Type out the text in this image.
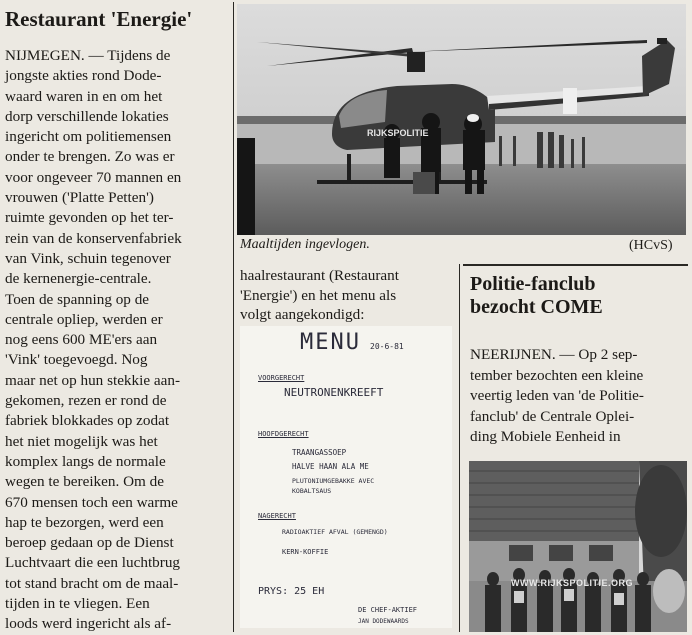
Restaurant 'Energie'
NIJMEGEN. — Tijdens de
jongste akties rond Dode-
waard waren in en om het
dorp verschillende lokaties
ingericht om politiemensen
onder te brengen. Zo was er
voor ongeveer 70 mannen en
vrouwen ('Platte Petten')
ruimte gevonden op het ter-
rein van de konservenfabriek
van Vink, schuin tegenover
de kernenergie-centrale.
Toen de spanning op de
centrale opliep, werden er
nog eens 600 ME'ers aan
'Vink' toegevoegd. Nog
maar net op hun stekkie aan-
gekomen, rezen er rond de
fabriek blokkades op zodat
het niet mogelijk was het
komplex langs de normale
wegen te bereiken. Om de
670 mensen toch een warme
hap te bezorgen, werd een
beroep gedaan op de Dienst
Luchtvaart die een luchtbrug
tot stand bracht om de maal-
tijden in te vliegen. Een
loods werd ingericht als af-
RIJKSPOLITIE
Maaltijden ingevlogen.	(HCvS)
haalrestaurant (Restaurant
'Energie') en het menu als
volgt aangekondigd:
MENU 20-6-81
VOORGERECHT
NEUTRONENKREEFT
HOOFDGERECHT
TRAANGASSOEP
HALVE HAAN ALA ME
PLUTONIUMGEBAKKE AVEC KOBALTSAUS
NAGERECHT
RADIOAKTIEF AFVAL (GEMENGD)
KERN-KOFFIE
PRYS: 25 EH
DE CHEF-AKTIEF
JAN DODEWAARDS
Politie-fanclub
bezocht COME
NEERIJNEN. — Op 2 sep-
tember bezochten een kleine
veertig leden van 'de Politie-
fanclub' de Centrale Oplei-
ding Mobiele Eenheid in
WWW.RIJKSPOLITIE.ORG
